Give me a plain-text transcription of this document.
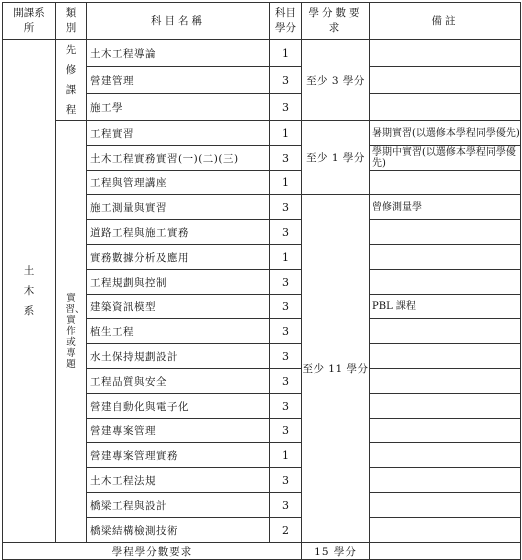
開課系所	類別	科目名稱	科目學分	學分數要求	備註
土木系	先修課程	土木工程導論	1	至少 3 學分	
		營建管理	3		
		施工學	3		
	實習、實作或專題	工程實習	1	至少 1 學分	暑期實習(以選修本學程同學優先)
		土木工程實務實習(一)(二)(三)	3		學期中實習(以選修本學程同學優先)
		工程與管理講座	1		
		施工測量與實習	3	至少 11 學分	曾修測量學
		道路工程與施工實務	3		
		實務數據分析及應用	1		
		工程規劃與控制	3		
		建築資訊模型	3		PBL 課程
		植生工程	3		
		水土保持規劃設計	3		
		工程品質與安全	3		
		營建自動化與電子化	3		
		營建專案管理	3		
		營建專案管理實務	1		
		土木工程法規	3		
		橋梁工程與設計	3		
		橋梁結構檢測技術	2		
學程學分數要求				15 學分	
